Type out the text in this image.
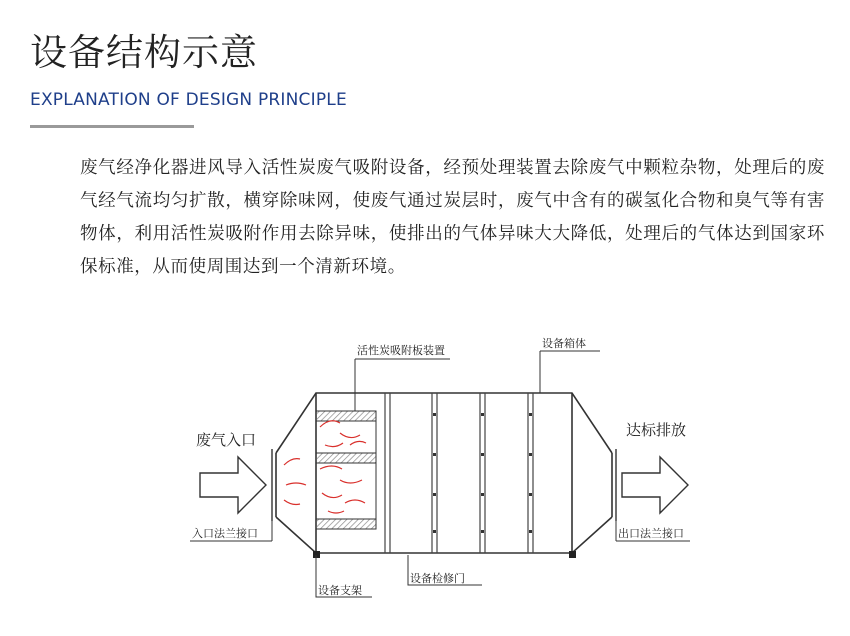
设备结构示意
EXPLANATION OF DESIGN PRINCIPLE
废气经净化器进风导入活性炭废气吸附设备，经预处理装置去除废气中颗粒杂物，处理后的废气经气流均匀扩散，横穿除味网，使废气通过炭层时，废气中含有的碳氢化合物和臭气等有害物体，利用活性炭吸附作用去除异味，使排出的气体异味大大降低，处理后的气体达到国家环保标准，从而使周围达到一个清新环境。
活性炭吸附板装置
设备箱体
废气入口
达标排放
入口法兰接口	出口法兰接口
设备支架
设备检修门
